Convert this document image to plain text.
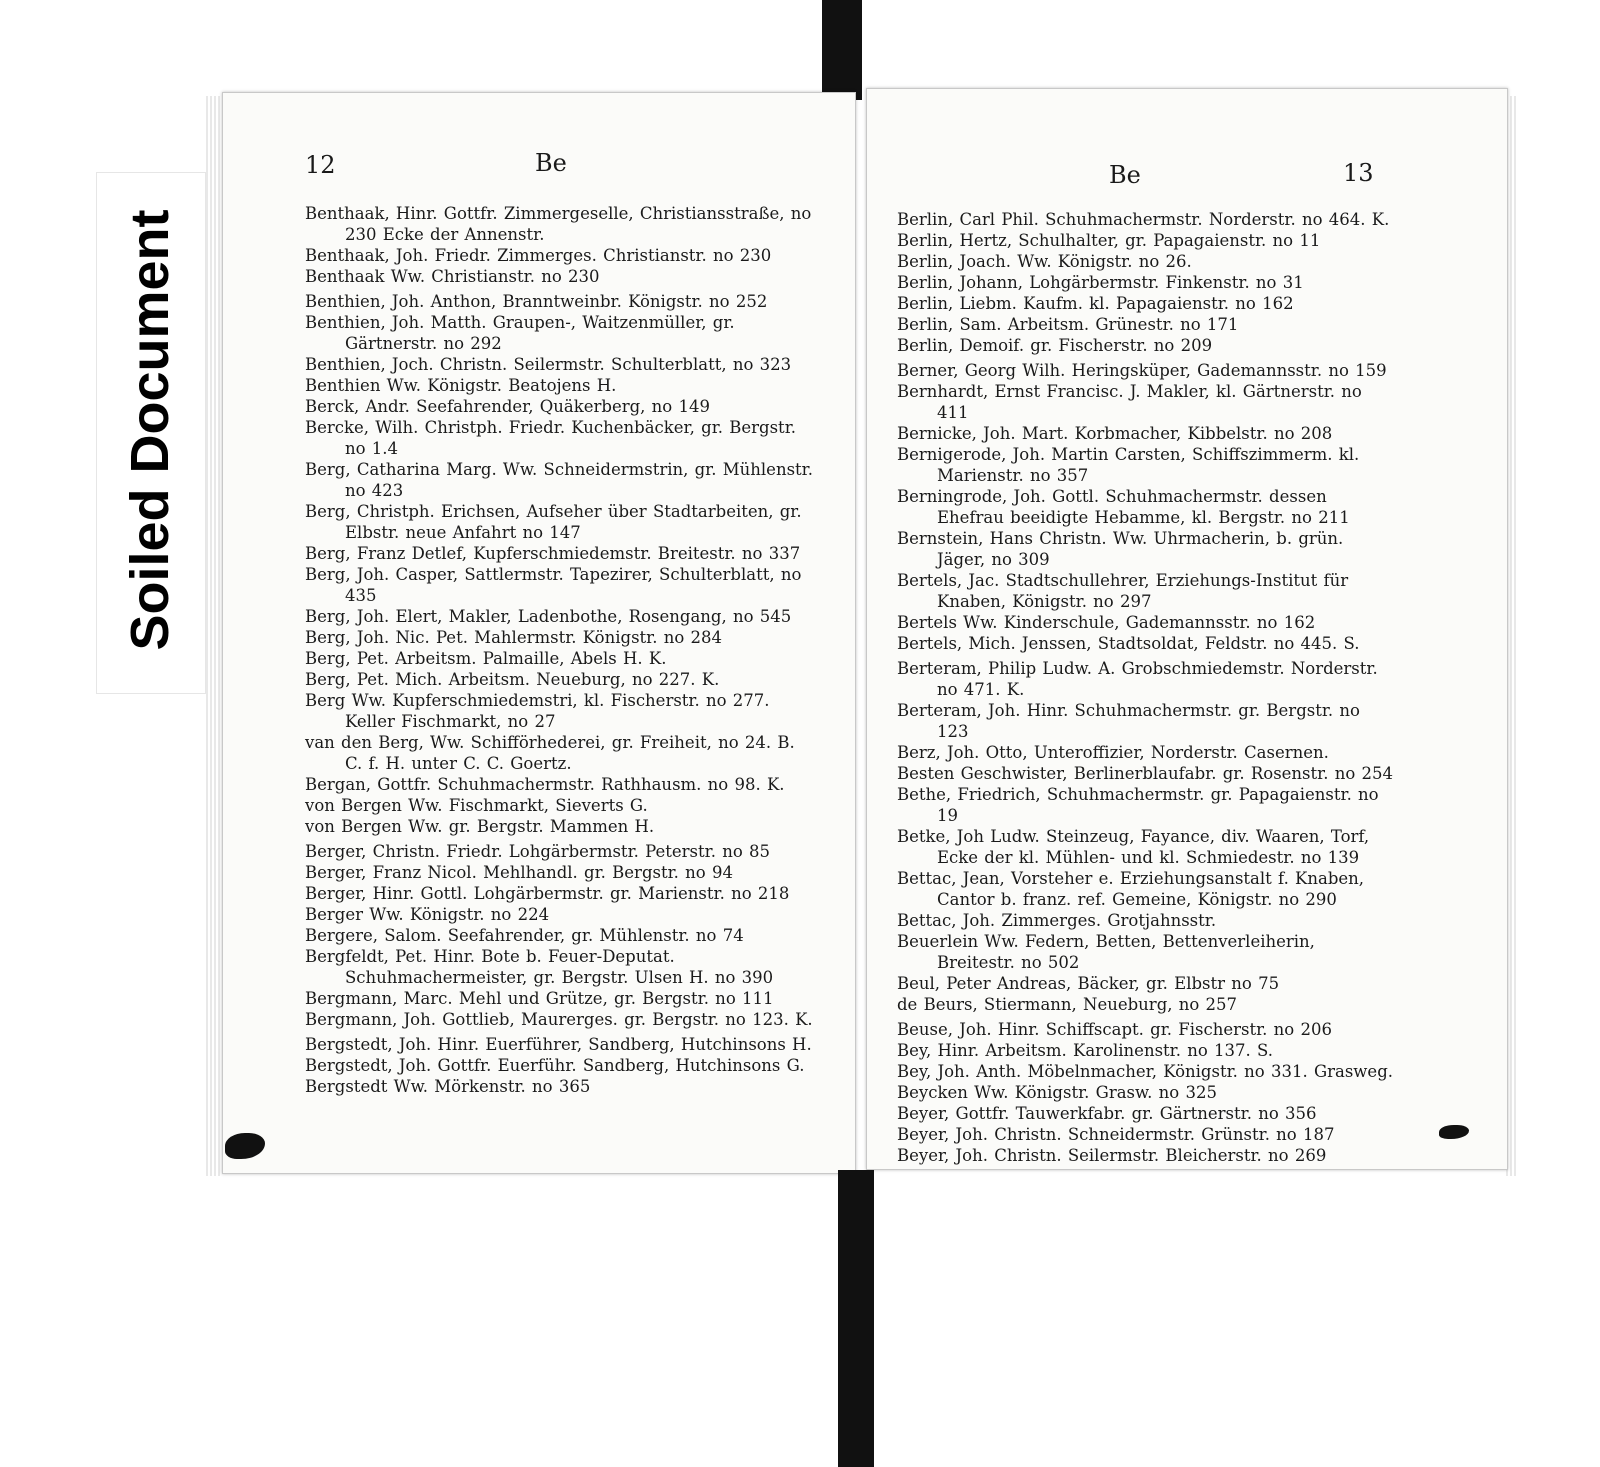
Soiled Document
12	Be
Benthaak, Hinr. Gottfr. Zimmergeselle, Christiansstraße, no 230 Ecke der Annenstr.
Benthaak, Joh. Friedr. Zimmerges. Christianstr. no 230
Benthaak Ww. Christianstr. no 230
Benthien, Joh. Anthon, Branntweinbr. Königstr. no 252
Benthien, Joh. Matth. Graupen-, Waitzenmüller, gr. Gärtnerstr. no 292
Benthien, Joch. Christn. Seilermstr. Schulterblatt, no 323
Benthien Ww. Königstr. Beatojens H.
Berck, Andr. Seefahrender, Quäkerberg, no 149
Bercke, Wilh. Christph. Friedr. Kuchenbäcker, gr. Bergstr. no 1.4
Berg, Catharina Marg. Ww. Schneidermstrin, gr. Mühlenstr. no 423
Berg, Christph. Erichsen, Aufseher über Stadtarbeiten, gr. Elbstr. neue Anfahrt no 147
Berg, Franz Detlef, Kupferschmiedemstr. Breitestr. no 337
Berg, Joh. Casper, Sattlermstr. Tapezirer, Schulterblatt, no 435
Berg, Joh. Elert, Makler, Ladenbothe, Rosengang, no 545
Berg, Joh. Nic. Pet. Mahlermstr. Königstr. no 284
Berg, Pet. Arbeitsm. Palmaille, Abels H. K.
Berg, Pet. Mich. Arbeitsm. Neueburg, no 227. K.
Berg Ww. Kupferschmiedemstri, kl. Fischerstr. no 277. Keller Fischmarkt, no 27
van den Berg, Ww. Schifförhederei, gr. Freiheit, no 24. B. C. f. H. unter C. C. Goertz.
Bergan, Gottfr. Schuhmachermstr. Rathhausm. no 98. K.
von Bergen Ww. Fischmarkt, Sieverts G.
von Bergen Ww. gr. Bergstr. Mammen H.
Berger, Christn. Friedr. Lohgärbermstr. Peterstr. no 85
Berger, Franz Nicol. Mehlhandl. gr. Bergstr. no 94
Berger, Hinr. Gottl. Lohgärbermstr. gr. Marienstr. no 218
Berger Ww. Königstr. no 224
Bergere, Salom. Seefahrender, gr. Mühlenstr. no 74
Bergfeldt, Pet. Hinr. Bote b. Feuer-Deputat. Schuhmachermeister, gr. Bergstr. Ulsen H. no 390
Bergmann, Marc. Mehl und Grütze, gr. Bergstr. no 111
Bergmann, Joh. Gottlieb, Maurerges. gr. Bergstr. no 123. K.
Bergstedt, Joh. Hinr. Euerführer, Sandberg, Hutchinsons H.
Bergstedt, Joh. Gottfr. Euerführ. Sandberg, Hutchinsons G.
Bergstedt Ww. Mörkenstr. no 365
Be	13
Berlin, Carl Phil. Schuhmachermstr. Norderstr. no 464. K.
Berlin, Hertz, Schulhalter, gr. Papagaienstr. no 11
Berlin, Joach. Ww. Königstr. no 26.
Berlin, Johann, Lohgärbermstr. Finkenstr. no 31
Berlin, Liebm. Kaufm. kl. Papagaienstr. no 162
Berlin, Sam. Arbeitsm. Grünestr. no 171
Berlin, Demoif. gr. Fischerstr. no 209
Berner, Georg Wilh. Heringsküper, Gademannsstr. no 159
Bernhardt, Ernst Francisc. J. Makler, kl. Gärtnerstr. no 411
Bernicke, Joh. Mart. Korbmacher, Kibbelstr. no 208
Bernigerode, Joh. Martin Carsten, Schiffszimmerm. kl. Marienstr. no 357
Berningrode, Joh. Gottl. Schuhmachermstr. dessen Ehefrau beeidigte Hebamme, kl. Bergstr. no 211
Bernstein, Hans Christn. Ww. Uhrmacherin, b. grün. Jäger, no 309
Bertels, Jac. Stadtschullehrer, Erziehungs-Institut für Knaben, Königstr. no 297
Bertels Ww. Kinderschule, Gademannsstr. no 162
Bertels, Mich. Jenssen, Stadtsoldat, Feldstr. no 445. S.
Berteram, Philip Ludw. A. Grobschmiedemstr. Norderstr. no 471. K.
Berteram, Joh. Hinr. Schuhmachermstr. gr. Bergstr. no 123
Berz, Joh. Otto, Unteroffizier, Norderstr. Casernen.
Besten Geschwister, Berlinerblaufabr. gr. Rosenstr. no 254
Bethe, Friedrich, Schuhmachermstr. gr. Papagaienstr. no 19
Betke, Joh Ludw. Steinzeug, Fayance, div. Waaren, Torf, Ecke der kl. Mühlen- und kl. Schmiedestr. no 139
Bettac, Jean, Vorsteher e. Erziehungsanstalt f. Knaben, Cantor b. franz. ref. Gemeine, Königstr. no 290
Bettac, Joh. Zimmerges. Grotjahnsstr.
Beuerlein Ww. Federn, Betten, Bettenverleiherin, Breitestr. no 502
Beul, Peter Andreas, Bäcker, gr. Elbstr no 75
de Beurs, Stiermann, Neueburg, no 257
Beuse, Joh. Hinr. Schiffscapt. gr. Fischerstr. no 206
Bey, Hinr. Arbeitsm. Karolinenstr. no 137. S.
Bey, Joh. Anth. Möbelnmacher, Königstr. no 331. Grasweg.
Beycken Ww. Königstr. Grasw. no 325
Beyer, Gottfr. Tauwerkfabr. gr. Gärtnerstr. no 356
Beyer, Joh. Christn. Schneidermstr. Grünstr. no 187
Beyer, Joh. Christn. Seilermstr. Bleicherstr. no 269
